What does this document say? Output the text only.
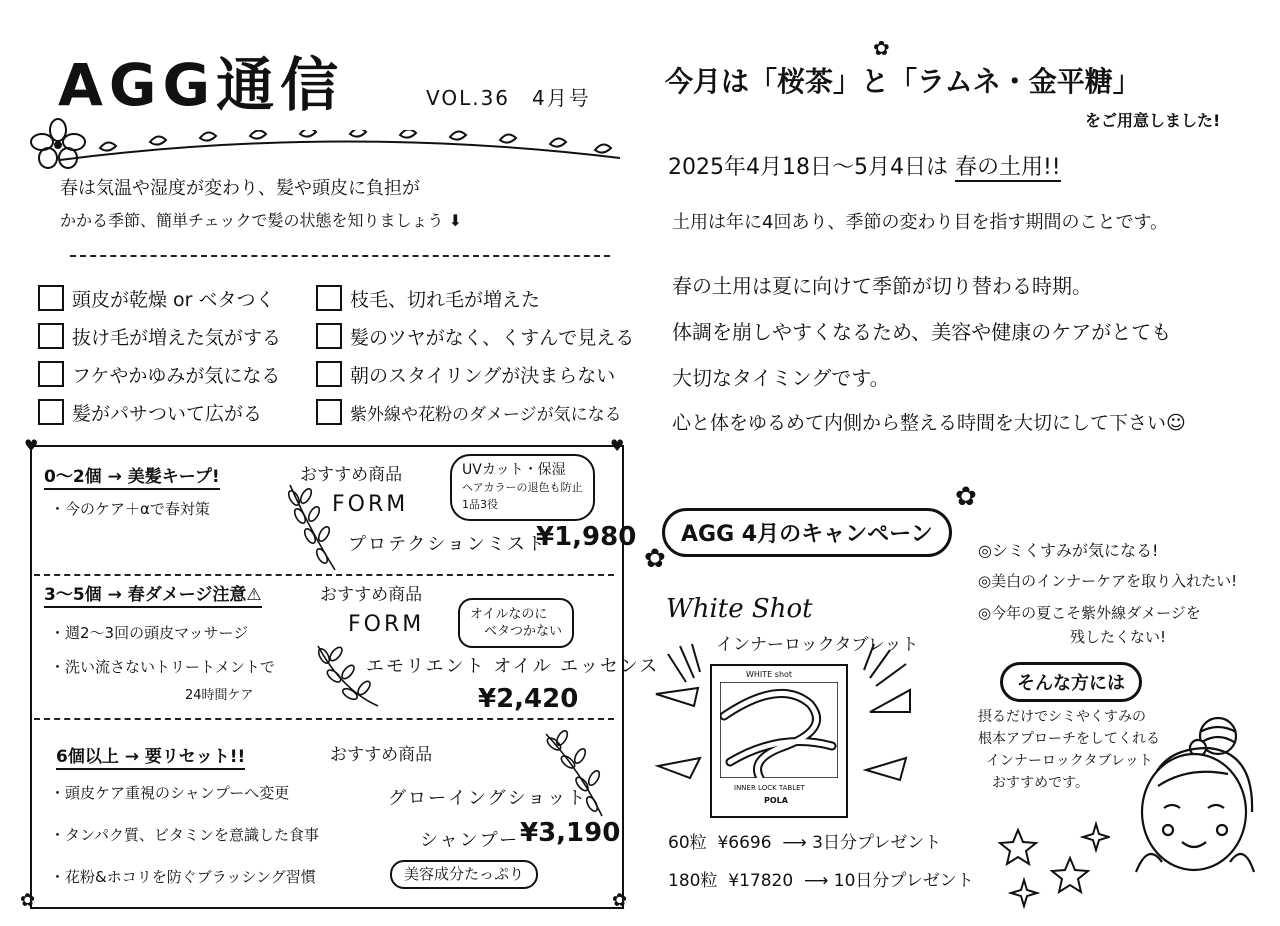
AGG通信	VOL.36　4月号
春は気温や湿度が変わり、髪や頭皮に負担が
かかる季節、簡単チェックで髪の状態を知りましょう ⬇
頭皮が乾燥 or ベタつく
抜け毛が増えた気がする
フケやかゆみが気になる
髪がパサついて広がる
枝毛、切れ毛が増えた
髪のツヤがなく、くすんで見える
朝のスタイリングが決まらない
紫外線や花粉のダメージが気になる
♥	♥
✿	✿
0〜2個 → 美髪キープ!
・今のケア＋αで春対策
おすすめ商品
FORM
プロテクションミスト
¥1,980
UVカット・保湿
ヘアカラーの退色も防止
1品3役
3〜5個 → 春ダメージ注意⚠
・週2〜3回の頭皮マッサージ
・洗い流さないトリートメントで
24時間ケア
おすすめ商品
FORM
エモリエント オイル エッセンス
¥2,420
オイルなのに
ベタつかない
6個以上 → 要リセット!!
・頭皮ケア重視のシャンプーへ変更
・タンパク質、ビタミンを意識した食事
・花粉&ホコリを防ぐブラッシング習慣
おすすめ商品
グローイングショット
シャンプー ¥3,190
美容成分たっぷり
今月は「桜茶」と「ラムネ・金平糖」
✿
をご用意しました!
2025年4月18日〜5月4日は 春の土用!!
土用は年に4回あり、季節の変わり目を指す期間のことです。
春の土用は夏に向けて季節が切り替わる時期。
体調を崩しやすくなるため、美容や健康のケアがとても
大切なタイミングです。
心と体をゆるめて内側から整える時間を大切にして下さい☺
AGG 4月のキャンペーン
✿
✿
White Shot
インナーロックタブレット
WHITE shot
INNER LOCK TABLET
POLA
60粒 ¥6696 ⟶ 3日分プレゼント
180粒 ¥17820 ⟶ 10日分プレゼント
◎シミくすみが気になる!
◎美白のインナーケアを取り入れたい!
◎今年の夏こそ紫外線ダメージを
残したくない!
そんな方には
摂るだけでシミやくすみの
根本アプローチをしてくれる
インナーロックタブレット
おすすめです。
